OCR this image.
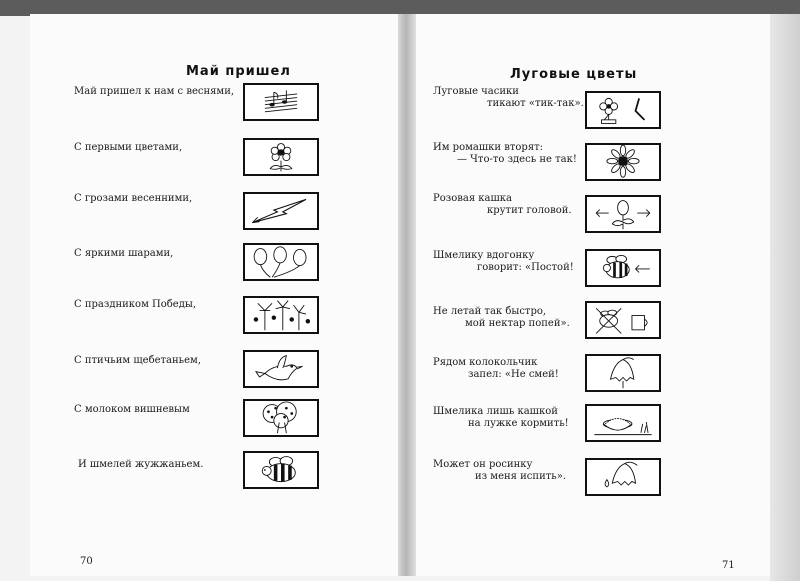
Май пришел
Май пришел к нам с веснями,
С первыми цветами,
С грозами весенними,
С яркими шарами,
С праздником Победы,
С птичьим щебетаньем,
С молоком вишневым
И шмелей жужжаньем.
70
Луговые цветы
Луговые часики
тикают «тик-так».
Им ромашки вторят:
— Что-то здесь не так!
Розовая кашка
крутит головой.
Шмелику вдогонку
говорит: «Постой!
Не летай так быстро,
мой нектар попей».
Рядом колокольчик
запел: «Не смей!
Шмелика лишь кашкой
на лужке кормить!
Может он росинку
из меня испить».
71
